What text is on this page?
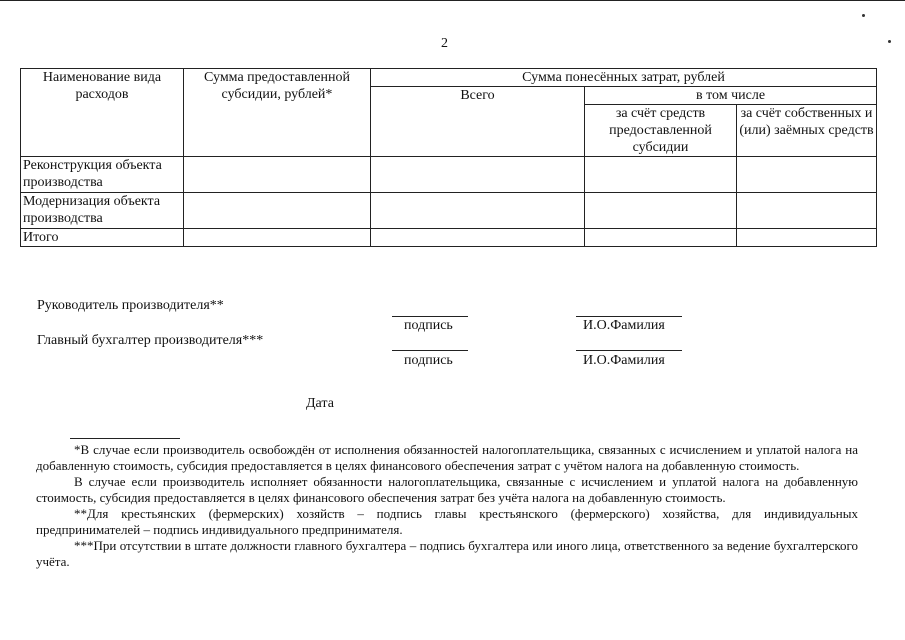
2
Наименование вида расходов	Сумма предоставленной субсидии, рублей*	Сумма понесённых затрат, рублей		
		Всего	в том числе	
			за счёт средств предоставленной субсидии	за счёт собственных и (или) заёмных средств
Реконструкция объекта производства				
Модернизация объекта производства				
Итого				
Руководитель производителя**
подпись	И.О.Фамилия
Главный бухгалтер производителя***
подпись	И.О.Фамилия
Дата

*В случае если производитель освобождён от исполнения обязанностей налогоплательщика, связанных с исчислением и уплатой налога на добавленную стоимость, субсидия предоставляется в целях финансового обеспечения затрат с учётом налога на добавленную стоимость.

В случае если производитель исполняет обязанности налогоплательщика, связанные с исчислением и уплатой налога на добавленную стоимость, субсидия предоставляется в целях финансового обеспечения затрат без учёта налога на добавленную стоимость.

**Для крестьянских (фермерских) хозяйств – подпись главы крестьянского (фермерского) хозяйства, для индивидуальных предпринимателей – подпись индивидуального предпринимателя.

***При отсутствии в штате должности главного бухгалтера – подпись бухгалтера или иного лица, ответственного за ведение бухгалтерского учёта.
